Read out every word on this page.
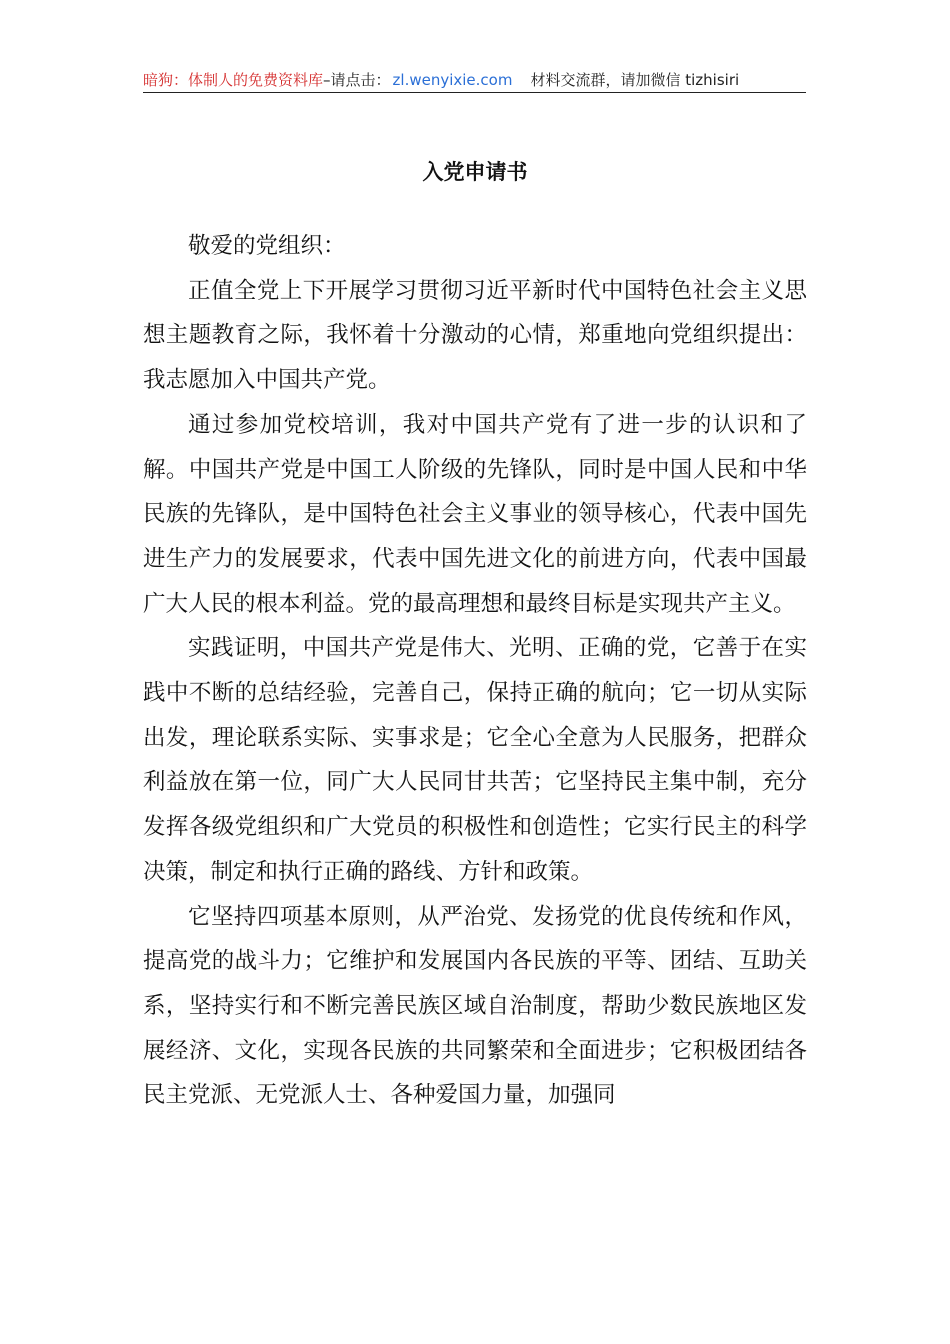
暗狗：体制人的免费资料库–请点击： zl.wenyixie.com 材料交流群，请加微信 tizhisiri
入党申请书

敬爱的党组织：

正值全党上下开展学习贯彻习近平新时代中国特色社会主义思想主题教育之际，我怀着十分激动的心情，郑重地向党组织提出：我志愿加入中国共产党。

通过参加党校培训，我对中国共产党有了进一步的认识和了解。中国共产党是中国工人阶级的先锋队，同时是中国人民和中华民族的先锋队，是中国特色社会主义事业的领导核心，代表中国先进生产力的发展要求，代表中国先进文化的前进方向，代表中国最广大人民的根本利益。党的最高理想和最终目标是实现共产主义。

实践证明，中国共产党是伟大、光明、正确的党，它善于在实践中不断的总结经验，完善自己，保持正确的航向；它一切从实际出发，理论联系实际、实事求是；它全心全意为人民服务，把群众利益放在第一位，同广大人民同甘共苦；它坚持民主集中制，充分发挥各级党组织和广大党员的积极性和创造性；它实行民主的科学决策，制定和执行正确的路线、方针和政策。

它坚持四项基本原则，从严治党、发扬党的优良传统和作风，提高党的战斗力；它维护和发展国内各民族的平等、团结、互助关系，坚持实行和不断完善民族区域自治制度，帮助少数民族地区发展经济、文化，实现各民族的共同繁荣和全面进步；它积极团结各民主党派、无党派人士、各种爱国力量，加强同
